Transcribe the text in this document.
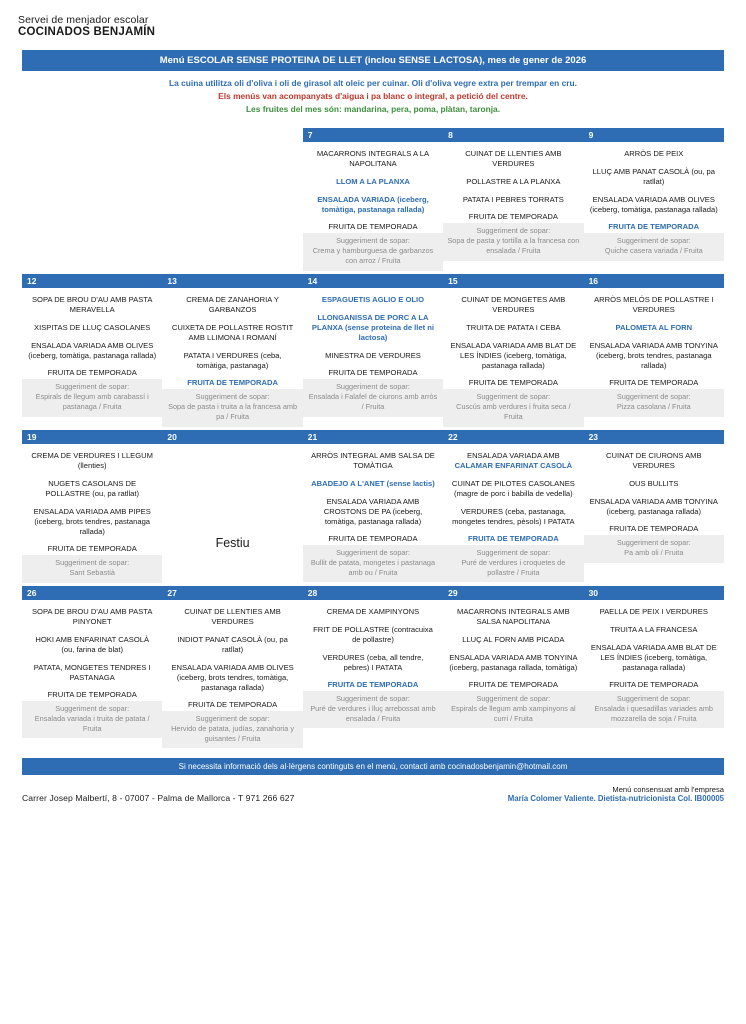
Servei de menjador escolar
COCINADOS BENJAMÍN
Menú ESCOLAR SENSE PROTEINA DE LLET (inclou SENSE LACTOSA), mes de gener de 2026
La cuina utilitza oli d'oliva i oli de girasol alt oleic per cuinar. Oli d'oliva vegre extra per trempar en cru.
Els menús van acompanyats d'aigua i pa blanc o integral, a petició del centre.
Les fruites del mes són: mandarina, pera, poma, plàtan, taronja.

7
MACARRONS INTEGRALS A LA NAPOLITANA
LLOM A LA PLANXA
ENSALADA VARIADA (iceberg, tomàtiga, pastanaga rallada)
FRUITA DE TEMPORADA
Suggeriment de sopar:
Crema y hamburguesa de garbanzos con arroz / Fruita

8
CUINAT DE LLENTIES AMB VERDURES
POLLASTRE A LA PLANXA
PATATA I PEBRES TORRATS
FRUITA DE TEMPORADA
Suggeriment de sopar:
Sopa de pasta y tortilla a la francesa con ensalada / Fruita

9
ARRÒS DE PEIX
LLUÇ AMB PANAT CASOLÀ (ou, pa ratllat)
ENSALADA VARIADA AMB OLIVES (iceberg, tomàtiga, pastanaga rallada)
FRUITA DE TEMPORADA
Suggeriment de sopar:
Quiche casera variada / Fruita

12
SOPA DE BROU D'AU AMB PASTA MERAVELLA
XISPITAS DE LLUÇ CASOLANES
ENSALADA VARIADA AMB OLIVES (iceberg, tomàtiga, pastanaga rallada)
FRUITA DE TEMPORADA
Suggeriment de sopar:
Espirals de llegum amb carabassí i pastanaga / Fruita

13
CREMA DE ZANAHORIA Y GARBANZOS
CUIXETA DE POLLASTRE ROSTIT AMB LLIMONA I ROMANÍ
PATATA I VERDURES (ceba, tomàtiga, pastanaga)
FRUITA DE TEMPORADA
Suggeriment de sopar:
Sopa de pasta i truita a la francesa amb pa / Fruita

14
ESPAGUETIS AGLIO E OLIO
LLONGANISSA DE PORC A LA PLANXA (sense proteina de llet ni lactosa)
MINESTRA DE VERDURES
FRUITA DE TEMPORADA
Suggeriment de sopar:
Ensalada i Falafel de ciurons amb arròs / Fruita

15
CUINAT DE MONGETES AMB VERDURES
TRUITA DE PATATA I CEBA
ENSALADA VARIADA AMB BLAT DE LES ÍNDIES (iceberg, tomàtiga, pastanaga rallada)
FRUITA DE TEMPORADA
Suggeriment de sopar:
Cuscús amb verdures i fruita seca / Fruita

16
ARRÒS MELÓS DE POLLASTRE I VERDURES
PALOMETA AL FORN
ENSALADA VARIADA AMB TONYINA (iceberg, brots tendres, pastanaga rallada)
FRUITA DE TEMPORADA
Suggeriment de sopar:
Pizza casolana / Fruita

19
CREMA DE VERDURES I LLEGUM (llenties)
NUGETS CASOLANS DE POLLASTRE (ou, pa ratllat)
ENSALADA VARIADA AMB PIPES (iceberg, brots tendres, pastanaga rallada)
FRUITA DE TEMPORADA
Suggeriment de sopar:
Sant Sebastià

20
Festiu

21
ARRÒS INTEGRAL AMB SALSA DE TOMÀTIGA
ABADEJO A L'ANET (sense lactis)
ENSALADA VARIADA AMB CROSTONS DE PA (iceberg, tomàtiga, pastanaga rallada)
FRUITA DE TEMPORADA
Suggeriment de sopar:
Bullit de patata, mongetes i pastanaga amb ou / Fruita

22
ENSALADA VARIADA AMB CALAMAR ENFARINAT CASOLÀ
CUINAT DE PILOTES CASOLANES (magre de porc i babilla de vedella)
VERDURES (ceba, pastanaga, mongetes tendres, pèsols) I PATATA
FRUITA DE TEMPORADA
Suggeriment de sopar:
Puré de verdures i croquetes de pollastre / Fruita

23
CUINAT DE CIURONS AMB VERDURES
OUS BULLITS
ENSALADA VARIADA AMB TONYINA (iceberg, pastanaga rallada)
FRUITA DE TEMPORADA
Suggeriment de sopar:
Pa amb oli / Fruita

26
SOPA DE BROU D'AU AMB PASTA PINYONET
HOKI AMB ENFARINAT CASOLÀ (ou, farina de blat)
PATATA, MONGETES TENDRES I PASTANAGA
FRUITA DE TEMPORADA
Suggeriment de sopar:
Ensalada variada i truita de patata / Fruita

27
CUINAT DE LLENTIES AMB VERDURES
INDIOT PANAT CASOLÀ (ou, pa ratllat)
ENSALADA VARIADA AMB OLIVES (iceberg, brots tendres, tomàtiga, pastanaga rallada)
FRUITA DE TEMPORADA
Suggeriment de sopar:
Hervido de patata, judías, zanahoria y guisantes / Fruita

28
CREMA DE XAMPINYONS
FRIT DE POLLASTRE (contracuixa de pollastre)
VERDURES (ceba, all tendre, pebres) I PATATA
FRUITA DE TEMPORADA
Suggeriment de sopar:
Puré de verdures i lluç arrebossat amb ensalada / Fruita

29
MACARRONS INTEGRALS AMB SALSA NAPOLITANA
LLUÇ AL FORN AMB PICADA
ENSALADA VARIADA AMB TONYINA (iceberg, pastanaga rallada, tomàtiga)
FRUITA DE TEMPORADA
Suggeriment de sopar:
Espirals de llegum amb xampinyons al curri / Fruita

30
PAELLA DE PEIX I VERDURES
TRUITA A LA FRANCESA
ENSALADA VARIADA AMB BLAT DE LES ÍNDIES (iceberg, tomàtiga, pastanaga rallada)
FRUITA DE TEMPORADA
Suggeriment de sopar:
Ensalada i quesadillas variades amb mozzarella de soja / Fruita
Si necessita informació dels al·lèrgens continguts en el menú, contacti amb cocinadosbenjamin@hotmail.com
Carrer Josep Malbertí, 8 - 07007 - Palma de Mallorca - T 971 266 627
Menú consensuat amb l'empresa
María Colomer Valiente. Dietista-nutricionista Col. IB00005
